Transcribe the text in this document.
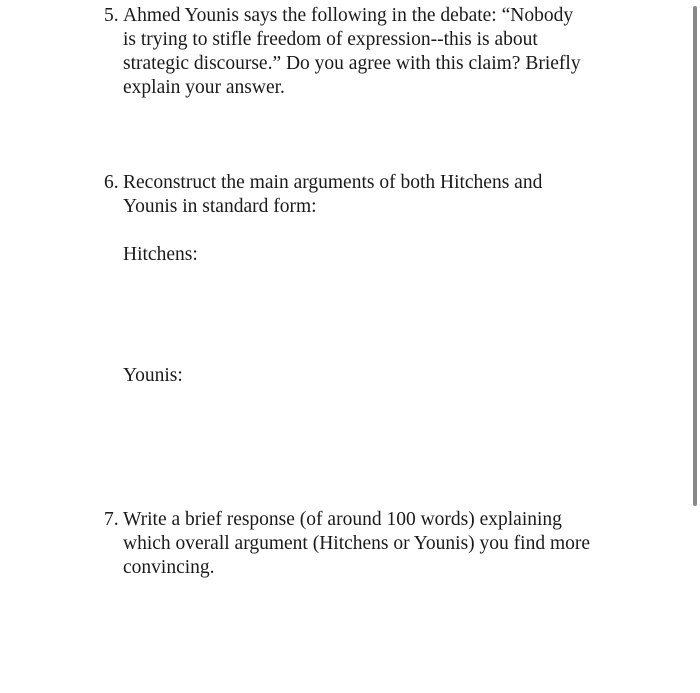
5. Ahmed Younis says the following in the debate: “Nobody
is trying to stifle freedom of expression--this is about
strategic discourse.” Do you agree with this claim? Briefly
explain your answer.
6. Reconstruct the main arguments of both Hitchens and
Younis in standard form:
Hitchens:
Younis:
7. Write a brief response (of around 100 words) explaining
which overall argument (Hitchens or Younis) you find more
convincing.
